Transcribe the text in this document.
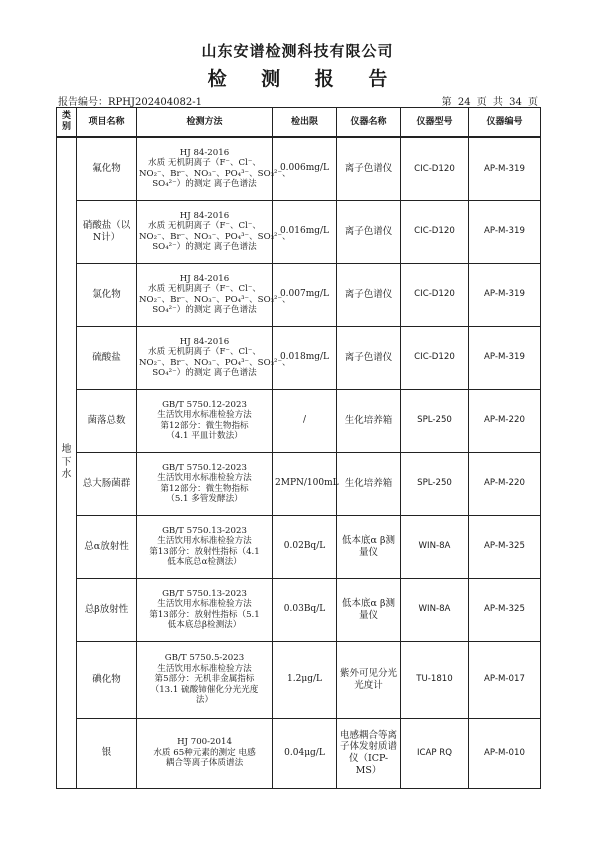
山东安谱检测科技有限公司
检 测 报 告
报告编号：RPHJ202404082-1	第 24 页 共 34 页
类别	项目名称	检测方法	检出限	仪器名称	仪器型号	仪器编号

地下水	氟化物	HJ 84-2016
水质 无机阴离子（F⁻、Cl⁻、
NO₂⁻、Br⁻、NO₃⁻、PO₄³⁻、SO₃²⁻、
SO₄²⁻）的测定 离子色谱法	0.006mg/L	离子色谱仪	CIC-D120	AP-M-319
	硝酸盐（以N计）	HJ 84-2016
水质 无机阴离子（F⁻、Cl⁻、
NO₂⁻、Br⁻、NO₃⁻、PO₄³⁻、SO₃²⁻、
SO₄²⁻）的测定 离子色谱法	0.016mg/L	离子色谱仪	CIC-D120	AP-M-319
	氯化物	HJ 84-2016
水质 无机阴离子（F⁻、Cl⁻、
NO₂⁻、Br⁻、NO₃⁻、PO₄³⁻、SO₃²⁻、
SO₄²⁻）的测定 离子色谱法	0.007mg/L	离子色谱仪	CIC-D120	AP-M-319
	硫酸盐	HJ 84-2016
水质 无机阴离子（F⁻、Cl⁻、
NO₂⁻、Br⁻、NO₃⁻、PO₄³⁻、SO₃²⁻、
SO₄²⁻）的测定 离子色谱法	0.018mg/L	离子色谱仪	CIC-D120	AP-M-319
	菌落总数	GB/T 5750.12-2023
生活饮用水标准检验方法
第12部分：微生物指标
（4.1 平皿计数法）	/	生化培养箱	SPL-250	AP-M-220
	总大肠菌群	GB/T 5750.12-2023
生活饮用水标准检验方法
第12部分：微生物指标
（5.1 多管发酵法）	2MPN/100mL	生化培养箱	SPL-250	AP-M-220
	总α放射性	GB/T 5750.13-2023
生活饮用水标准检验方法
第13部分：放射性指标（4.1
低本底总α检测法）	0.02Bq/L	低本底α β测量仪	WIN-8A	AP-M-325
	总β放射性	GB/T 5750.13-2023
生活饮用水标准检验方法
第13部分：放射性指标（5.1
低本底总β检测法）	0.03Bq/L	低本底α β测量仪	WIN-8A	AP-M-325
	碘化物	GB/T 5750.5-2023
生活饮用水标准检验方法
第5部分：无机非金属指标
（13.1 硫酸铈催化分光光度
法）	1.2μg/L	紫外可见分光光度计	TU-1810	AP-M-017
	银	HJ 700-2014
水质 65种元素的测定 电感
耦合等离子体质谱法	0.04μg/L	电感耦合等离子体发射质谱仪（ICP-MS）	ICAP RQ	AP-M-010
